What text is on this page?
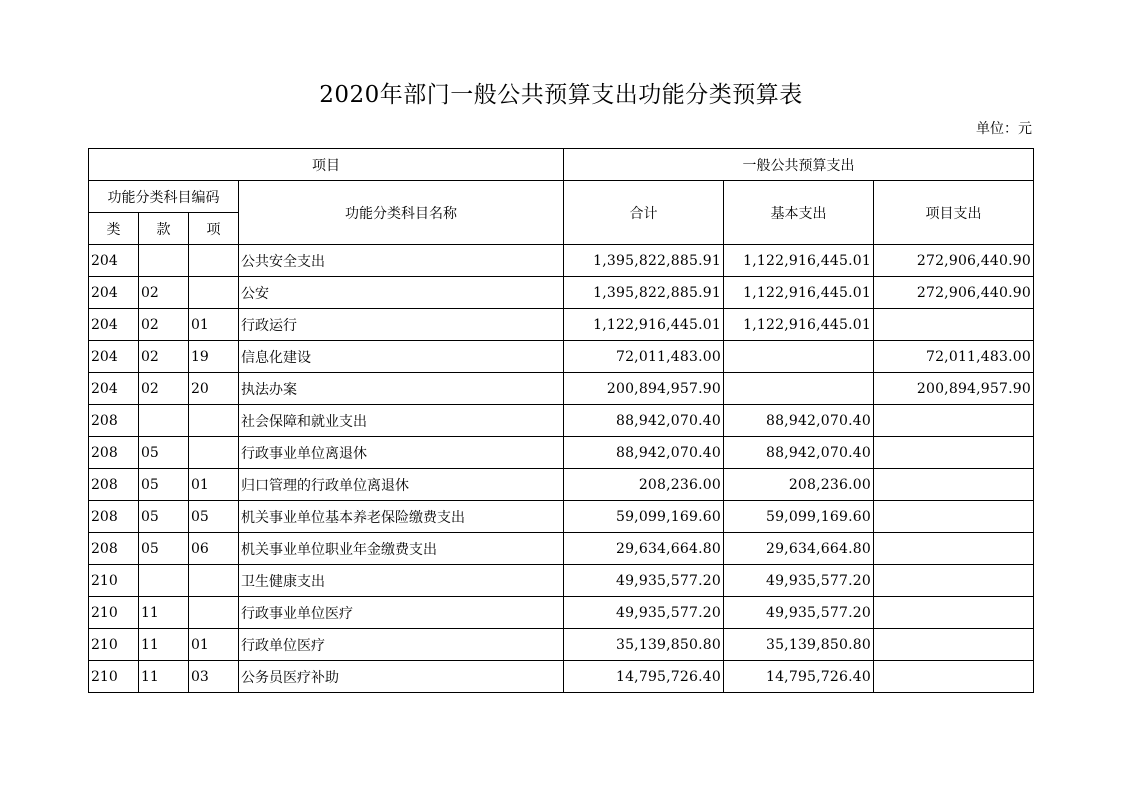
2020年部门一般公共预算支出功能分类预算表
单位：元
项目				一般公共预算支出		
功能分类科目编码			功能分类科目名称	合计	基本支出	项目支出
类	款	项				
204			公共安全支出	1,395,822,885.91	1,122,916,445.01	272,906,440.90
204	02		公安	1,395,822,885.91	1,122,916,445.01	272,906,440.90
204	02	01	行政运行	1,122,916,445.01	1,122,916,445.01	
204	02	19	信息化建设	72,011,483.00		72,011,483.00
204	02	20	执法办案	200,894,957.90		200,894,957.90
208			社会保障和就业支出	88,942,070.40	88,942,070.40	
208	05		行政事业单位离退休	88,942,070.40	88,942,070.40	
208	05	01	归口管理的行政单位离退休	208,236.00	208,236.00	
208	05	05	机关事业单位基本养老保险缴费支出	59,099,169.60	59,099,169.60	
208	05	06	机关事业单位职业年金缴费支出	29,634,664.80	29,634,664.80	
210			卫生健康支出	49,935,577.20	49,935,577.20	
210	11		行政事业单位医疗	49,935,577.20	49,935,577.20	
210	11	01	行政单位医疗	35,139,850.80	35,139,850.80	
210	11	03	公务员医疗补助	14,795,726.40	14,795,726.40	
